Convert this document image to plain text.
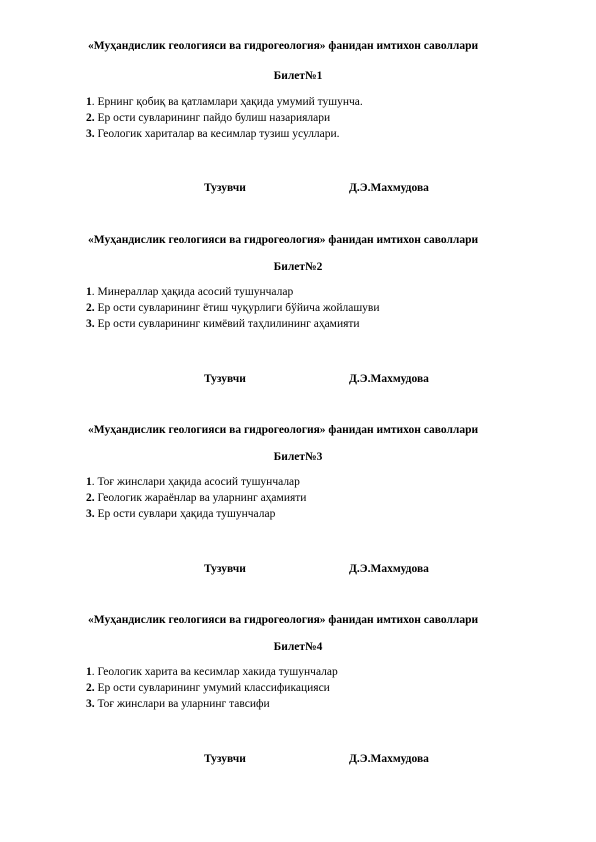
«Муҳандислик геологияси ва гидрогеология» фанидан имтихон саволлари
Билет№1
1. Ернинг қобиқ ва қатламлари ҳақида умумий тушунча.
2. Ер ости сувларининг пайдо булиш назариялари
3. Геологик хариталар ва кесимлар тузиш усуллари.
Тузувчи	Д.Э.Махмудова
«Муҳандислик геологияси ва гидрогеология» фанидан имтихон саволлари
Билет№2
1. Минераллар ҳақида асосий тушунчалар
2. Ер ости сувларининг ётиш чуқурлиги бўйича жойлашуви
3. Ер ости сувларининг кимёвий таҳлилининг аҳамияти
Тузувчи	Д.Э.Махмудова
«Муҳандислик геологияси ва гидрогеология» фанидан имтихон саволлари
Билет№3
1. Тоғ жинслари ҳақида асосий тушунчалар
2. Геологик жараёнлар ва уларнинг аҳамияти
3. Ер ости сувлари ҳақида тушунчалар
Тузувчи	Д.Э.Махмудова
«Муҳандислик геологияси ва гидрогеология» фанидан имтихон саволлари
Билет№4
1. Геологик харита ва кесимлар хакида тушунчалар
2. Ер ости сувларининг умумий классификацияси
3. Тоғ жинслари ва уларнинг тавсифи
Тузувчи	Д.Э.Махмудова
